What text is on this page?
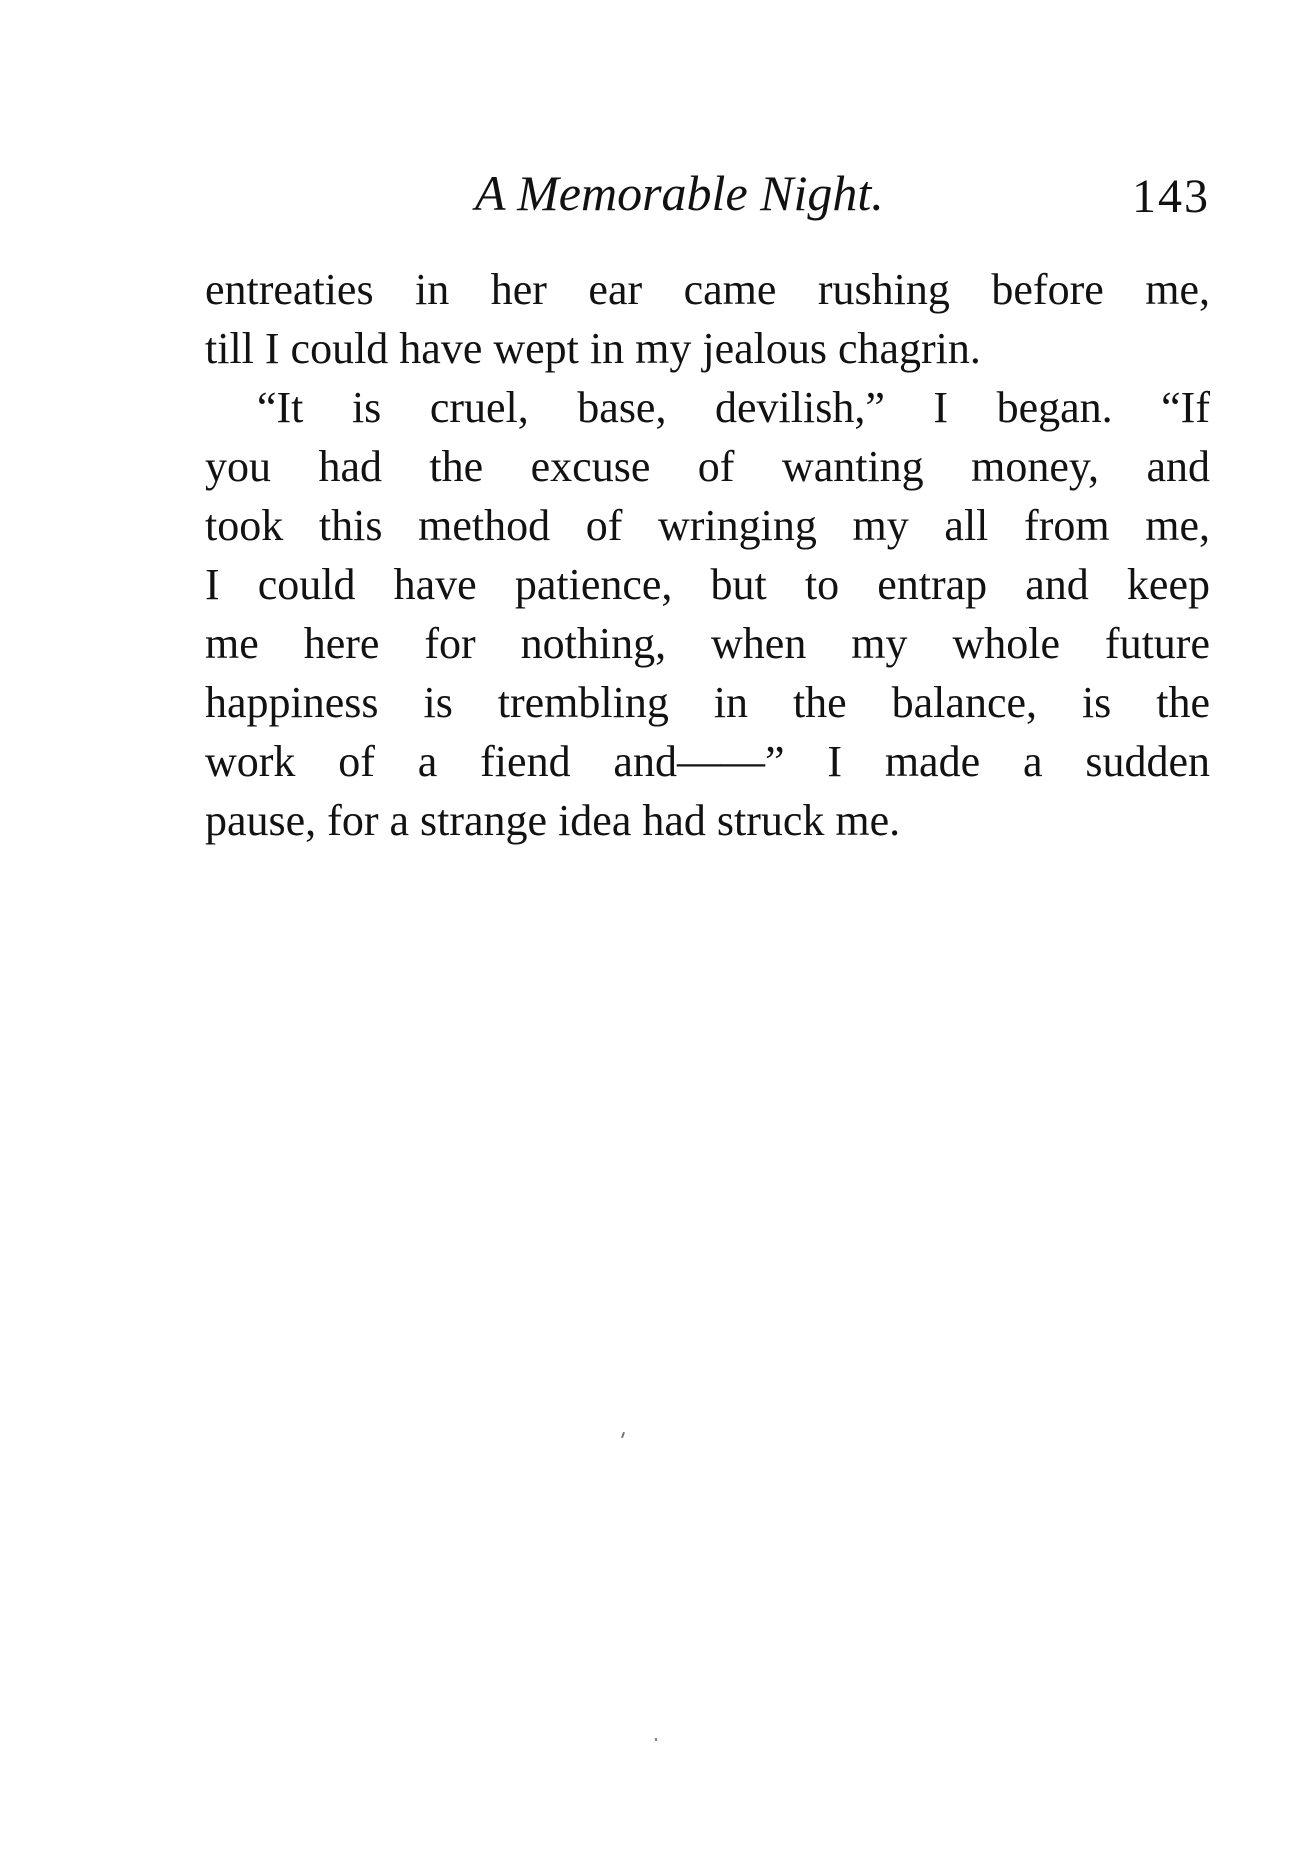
A Memorable Night.	143
entreaties in her ear came rushing before me,
till I could have wept in my jealous chagrin.
“It is cruel, base, devilish,” I began. “If
you had the excuse of wanting money, and
took this method of wringing my all from me,
I could have patience, but to entrap and keep
me here for nothing, when my whole future
happiness is trembling in the balance, is the
work of a fiend and——” I made a sudden
pause, for a strange idea had struck me.
